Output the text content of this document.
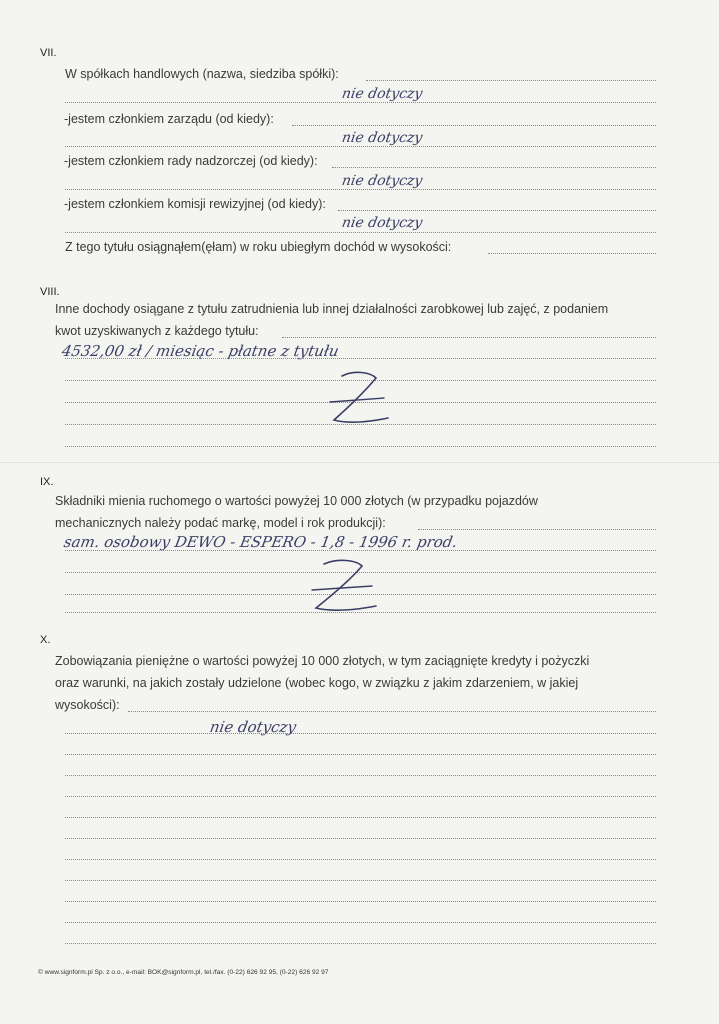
VII.
W spółkach handlowych (nazwa, siedziba spółki):
nie dotyczy
-jestem członkiem zarządu (od kiedy):
nie dotyczy
-jestem członkiem rady nadzorczej (od kiedy):
nie dotyczy
-jestem członkiem komisji rewizyjnej (od kiedy):
nie dotyczy
Z tego tytułu osiągnąłem(ęłam) w roku ubiegłym dochód w wysokości:
VIII.
Inne dochody osiągane z tytułu zatrudnienia lub innej działalności zarobkowej lub zajęć, z podaniem
kwot uzyskiwanych z każdego tytułu:
4532,00 zł / miesiąc - płatne z tytułu
IX.
Składniki mienia ruchomego o wartości powyżej 10 000 złotych (w przypadku pojazdów
mechanicznych należy podać markę, model i rok produkcji):
sam. osobowy DEWO - ESPERO - 1,8 - 1996 r. prod.
X.
Zobowiązania pieniężne o wartości powyżej 10 000 złotych, w tym zaciągnięte kredyty i pożyczki
oraz warunki, na jakich zostały udzielone (wobec kogo, w związku z jakim zdarzeniem, w jakiej
wysokości):
nie dotyczy
© www.signform.pl Sp. z o.o., e-mail: BOK@signform.pl, tel./fax. (0-22) 626 92 95, (0-22) 626 92 97
